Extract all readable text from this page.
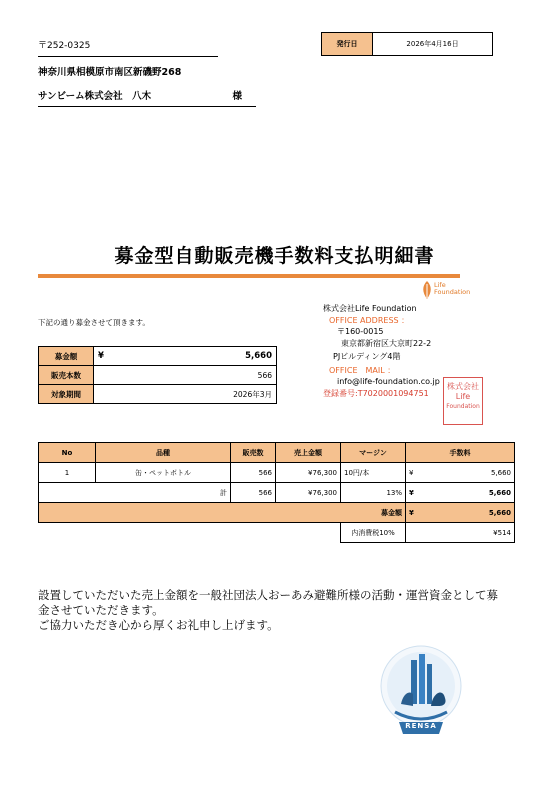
〒252-0325
神奈川県相模原市南区新磯野268
サンビーム株式会社　八木	様
発行日	2026年4月16日
募金型自動販売機手数料支払明細書
Life
Foundation
下記の通り募金させて頂きます。
株式会社Life Foundation
OFFICE ADDRESS ：
〒160-0015
東京都新宿区大京町22-2
PJビルディング4階
OFFICE　MAIL ：
info@life-foundation.co.jp
登録番号:T7020001094751
株式会社
Life
Foundation
募金額	¥ 5,660

販売本数	566
対象期間	2026年3月
No	品種	販売数	売上金額	マージン	手数料
1	缶・ペットボトル	566	¥76,300	10円/本	¥ 5,660

計		566	¥76,300	13%	¥ 5,660

募金額					¥ 5,660

				内消費税10%	¥514
設置していただいた売上金額を一般社団法人おーあみ避難所様の活動・運営資金として募金させていただきます。
ご協力いただき心から厚くお礼申し上げます。
RENSA
